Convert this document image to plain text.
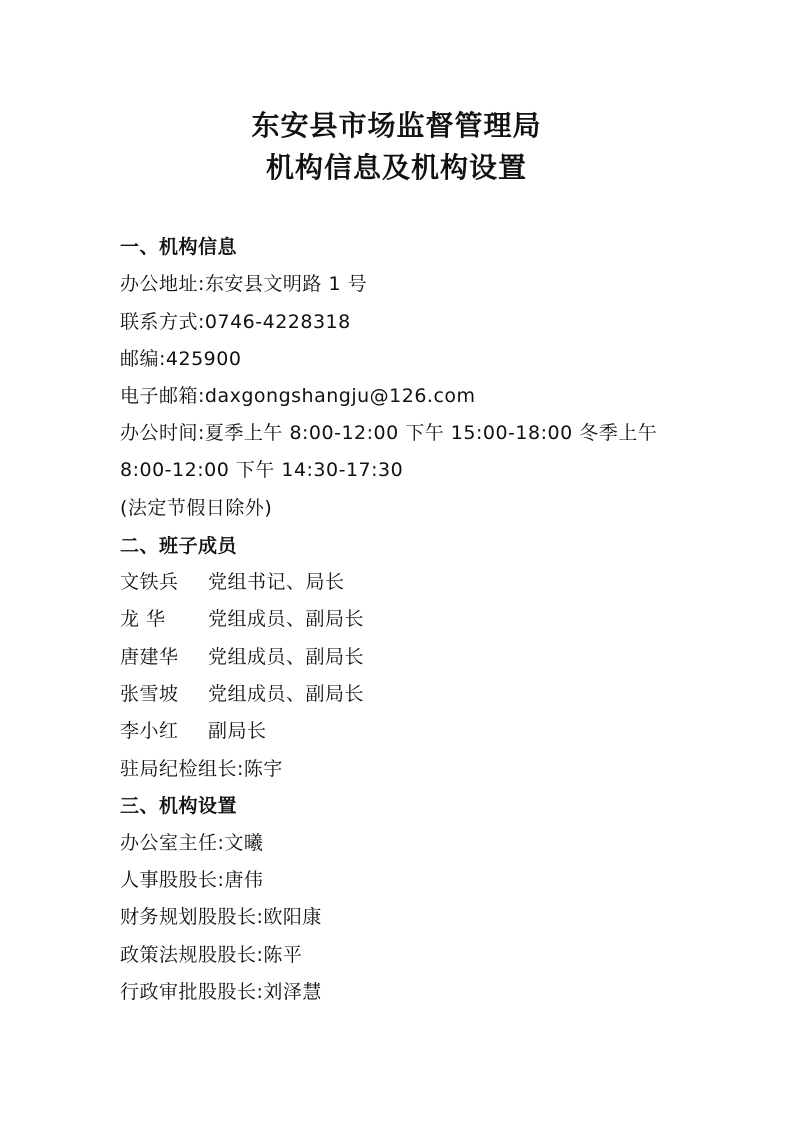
东安县市场监督管理局
机构信息及机构设置
一、机构信息
办公地址:东安县文明路 1 号
联系方式:0746-4228318
邮编:425900
电子邮箱:daxgongshangju@126.com
办公时间:夏季上午 8:00-12:00 下午 15:00-18:00 冬季上午
8:00-12:00 下午 14:30-17:30
(法定节假日除外)
二、班子成员
文铁兵 党组书记、局长
龙 华 党组成员、副局长
唐建华 党组成员、副局长
张雪坡 党组成员、副局长
李小红 副局长
驻局纪检组长:陈宇
三、机构设置
办公室主任:文曦
人事股股长:唐伟
财务规划股股长:欧阳康
政策法规股股长:陈平
行政审批股股长:刘泽慧
